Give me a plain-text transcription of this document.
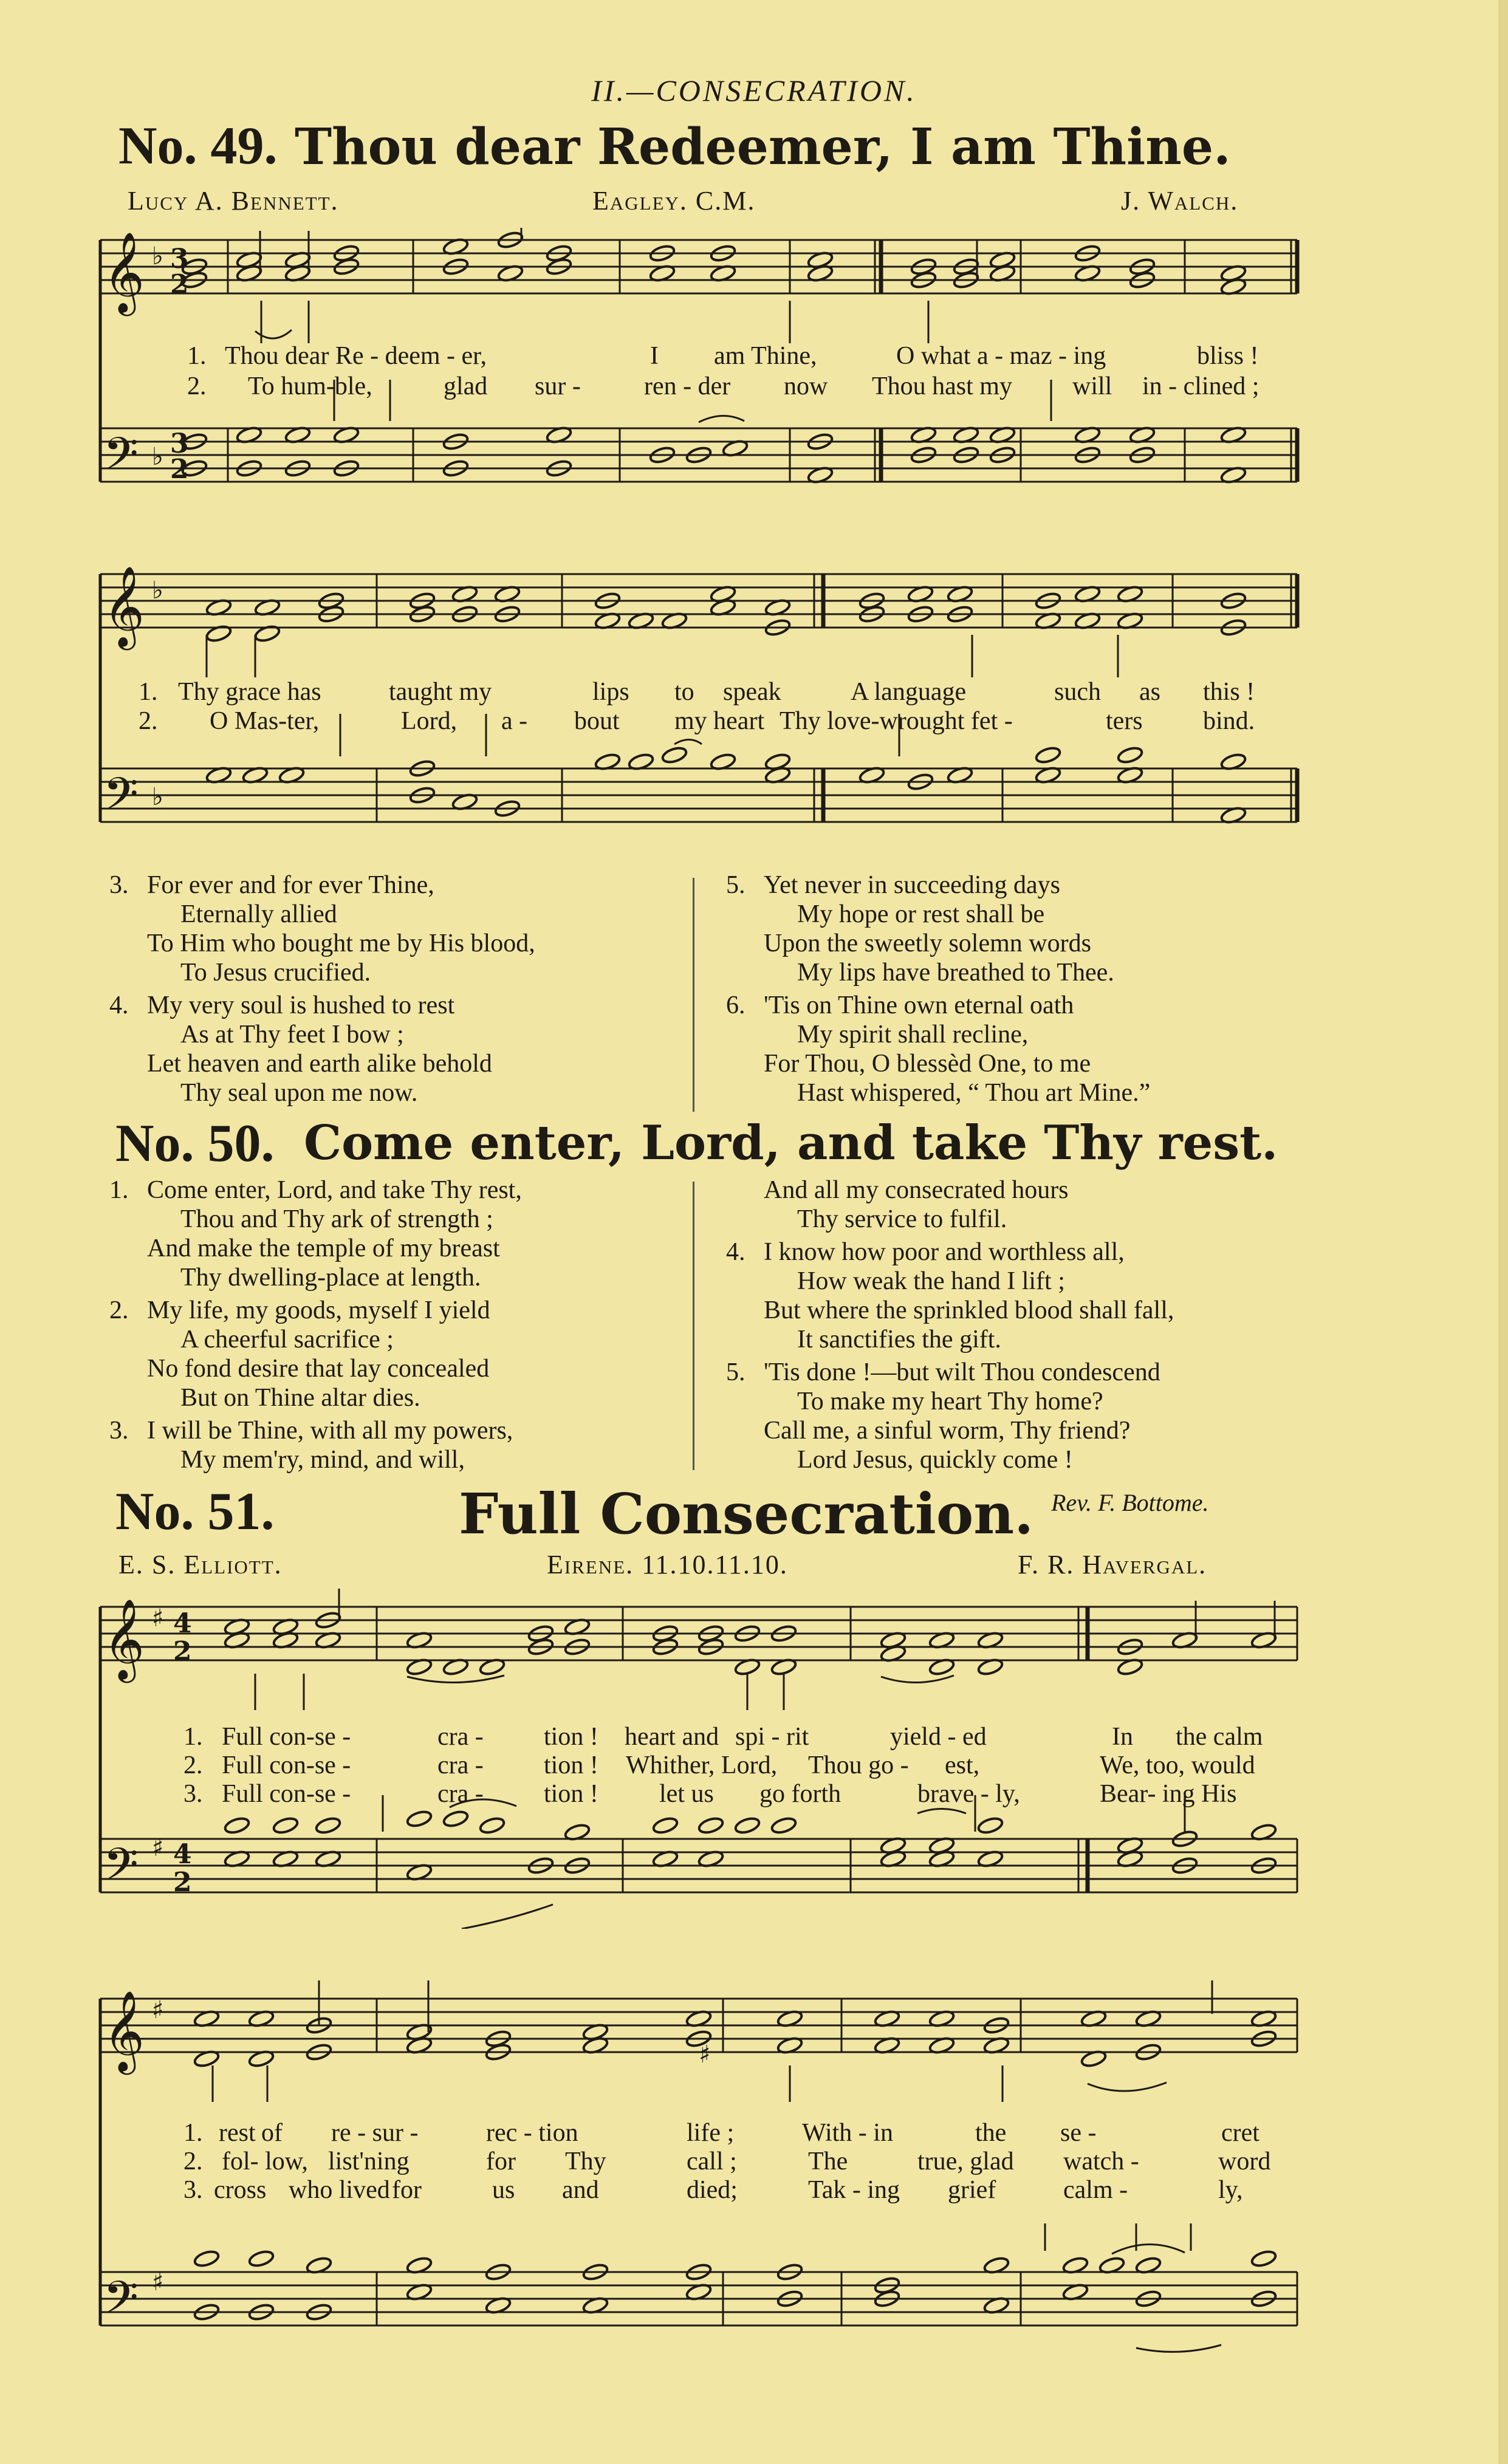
II.—CONSECRATION.
No. 49. Thou dear Redeemer, I am Thine.
Lucy A. Bennett.	Eagley. C.M.	J. Walch.
𝄞
𝄢
♭ 3
2
♭ 3
2
1. Thou dear Re - deem - er,	I am Thine,	O what a - maz - ing	bliss !
2. To hum-ble,	glad sur - ren - der now Thou hast my will in - clined ;
𝄞
𝄢
♭
♭
1. Thy grace has	taught my	lips to speak	A language	such as this !
2. O Mas-ter,	Lord, a - bout my heart Thy love-wrought fet -	ters bind.
3. For ever and for ever Thine,
Eternally allied
To Him who bought me by His blood,
To Jesus crucified.
4. My very soul is hushed to rest
As at Thy feet I bow ;
Let heaven and earth alike behold
Thy seal upon me now.
5. Yet never in succeeding days
My hope or rest shall be
Upon the sweetly solemn words
My lips have breathed to Thee.
6. 'Tis on Thine own eternal oath
My spirit shall recline,
For Thou, O blessèd One, to me
Hast whispered, “ Thou art Mine.”
No. 50. Come enter, Lord, and take Thy rest.
1. Come enter, Lord, and take Thy rest,
Thou and Thy ark of strength ;
And make the temple of my breast
Thy dwelling-place at length.
2. My life, my goods, myself I yield
A cheerful sacrifice ;
No fond desire that lay concealed
But on Thine altar dies.
3. I will be Thine, with all my powers,
My mem'ry, mind, and will,
And all my consecrated hours
Thy service to fulfil.
4. I know how poor and worthless all,
How weak the hand I lift ;
But where the sprinkled blood shall fall,
It sanctifies the gift.
5. 'Tis done !—but wilt Thou condescend
To make my heart Thy home?
Call me, a sinful worm, Thy friend?
Lord Jesus, quickly come !
No. 51.	Full Consecration. Rev. F. Bottome.
E. S. Elliott.	Eirene. 11.10.11.10.	F. R. Havergal.
𝄞
𝄢
♯ 4
2
♯ 4
2
1. Full con-se -	cra - tion ! heart and spi - rit	yield - ed	In the calm
2. Full con-se -	cra - tion ! Whither, Lord, Thou go - est,	We, too, would
3. Full con-se -	cra - tion ! let us go forth	brave - ly,	Bear- ing His
𝄞
𝄢
♯
♯
♯
1. rest of re - sur -	rec - tion	life ;	With - in	the se -	cret
2. fol- low, list'ning	for Thy	call ;	The	true, glad watch -	word
3. cross who lived for	us and	died;	Tak - ing grief	calm -	ly,
